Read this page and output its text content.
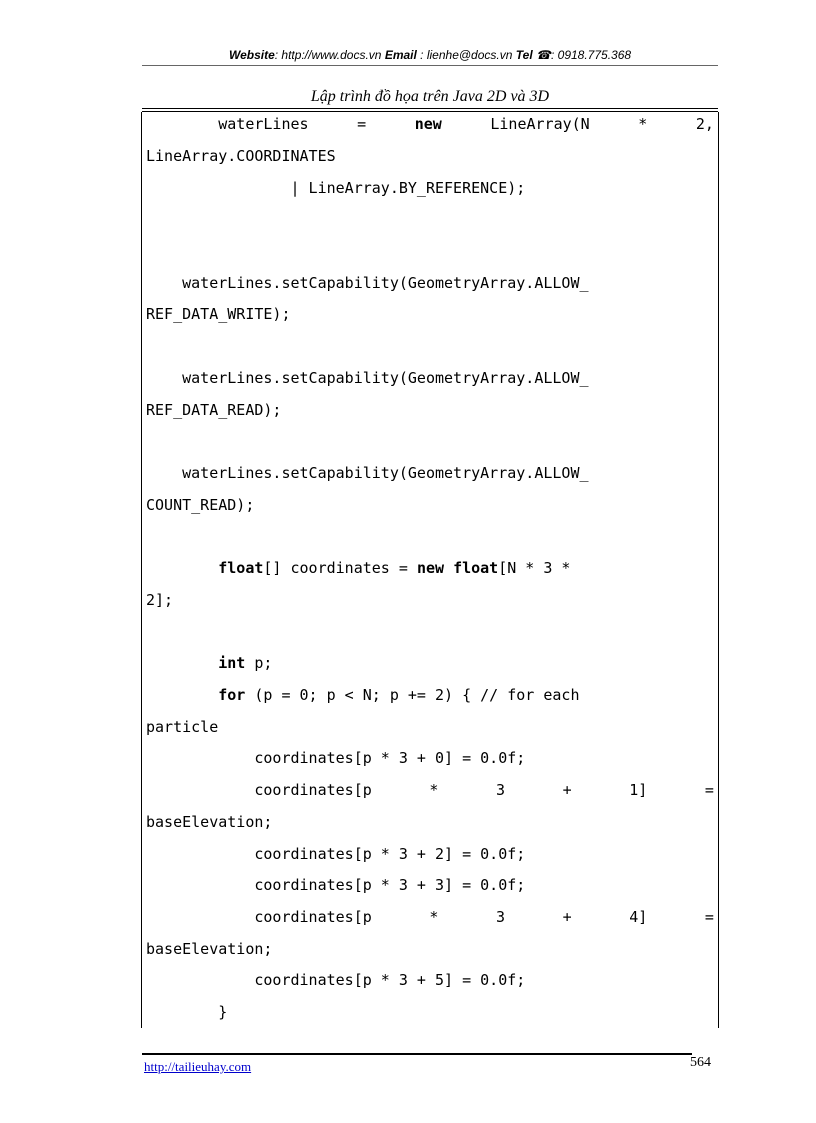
Website: http://www.docs.vn Email : lienhe@docs.vn Tel ☎: 0918.775.368
Lập trình đồ họa trên Java 2D và 3D
waterLines	=	new	LineArray(N	*	2,
LineArray.COORDINATES
| LineArray.BY_REFERENCE);
waterLines.setCapability(GeometryArray.ALLOW_
REF_DATA_WRITE);
waterLines.setCapability(GeometryArray.ALLOW_
REF_DATA_READ);
waterLines.setCapability(GeometryArray.ALLOW_
COUNT_READ);
float[] coordinates = new float[N * 3 *
2];
int p;
for (p = 0; p < N; p += 2) { // for each
particle
coordinates[p * 3 + 0] = 0.0f;
coordinates[p	*	3	+	1]	=
baseElevation;
coordinates[p * 3 + 2] = 0.0f;
coordinates[p * 3 + 3] = 0.0f;
coordinates[p	*	3	+	4]	=
baseElevation;
coordinates[p * 3 + 5] = 0.0f;
}
http://tailieuhay.com	564
